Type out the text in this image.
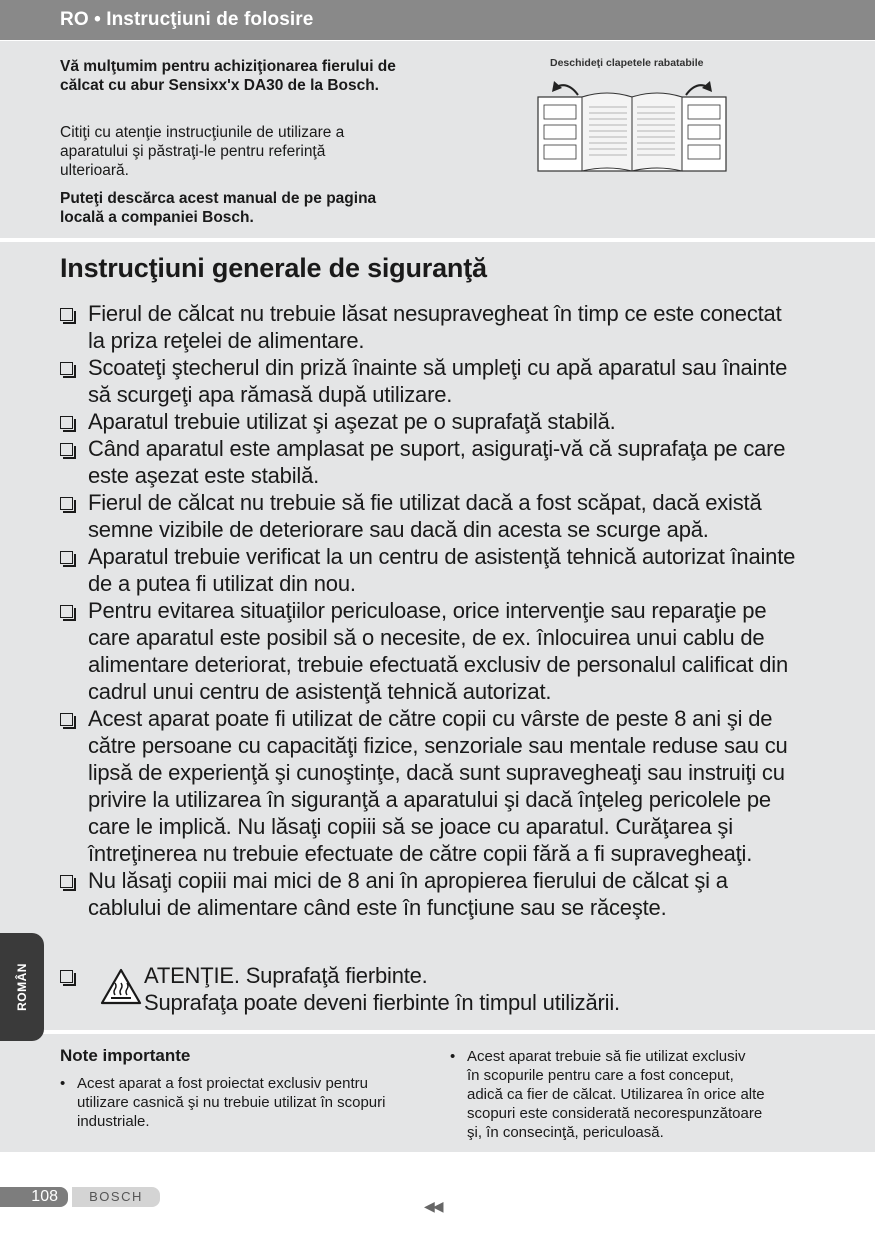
RO • Instrucţiuni de folosire
Vă mulţumim pentru achiziţionarea fierului de
călcat cu abur Sensixx'x DA30 de la Bosch.
Citiţi cu atenţie instrucţiunile de utilizare a
aparatului şi păstraţi-le pentru referinţă
ulterioară.
Puteţi descărca acest manual de pe pagina
locală a companiei Bosch.
Deschideţi clapetele rabatabile
Instrucţiuni generale de siguranţă
Fierul de călcat nu trebuie lăsat nesupravegheat în timp ce este conectat
la priza reţelei de alimentare.
Scoateţi ştecherul din priză înainte să umpleţi cu apă aparatul sau înainte
să scurgeţi apa rămasă după utilizare.
Aparatul trebuie utilizat şi aşezat pe o suprafaţă stabilă.
Când aparatul este amplasat pe suport, asiguraţi-vă că suprafaţa pe care
este aşezat este stabilă.
Fierul de călcat nu trebuie să fie utilizat dacă a fost scăpat, dacă există
semne vizibile de deteriorare sau dacă din acesta se scurge apă.
Aparatul trebuie verificat la un centru de asistenţă tehnică autorizat înainte
de a putea fi utilizat din nou.
Pentru evitarea situaţiilor periculoase, orice intervenţie sau reparaţie pe
care aparatul este posibil să o necesite, de ex. înlocuirea unui cablu de
alimentare deteriorat, trebuie efectuată exclusiv de personalul calificat din
cadrul unui centru de asistenţă tehnică autorizat.
Acest aparat poate fi utilizat de către copii cu vârste de peste 8 ani şi de
către persoane cu capacităţi fizice, senzoriale sau mentale reduse sau cu
lipsă de experienţă şi cunoştinţe, dacă sunt supravegheaţi sau instruiţi cu
privire la utilizarea în siguranţă a aparatului şi dacă înţeleg pericolele pe
care le implică. Nu lăsaţi copiii să se joace cu aparatul. Curăţarea şi
întreţinerea nu trebuie efectuate de către copii fără a fi supravegheaţi.
Nu lăsaţi copiii mai mici de 8 ani în apropierea fierului de călcat şi a
cablului de alimentare când este în funcţiune sau se răceşte.
ATENŢIE. Suprafaţă fierbinte.
Suprafaţa poate deveni fierbinte în timpul utilizării.
Note importante
• Acest aparat a fost proiectat exclusiv pentru
utilizare casnică şi nu trebuie utilizat în scopuri
industriale.
• Acest aparat trebuie să fie utilizat exclusiv
în scopurile pentru care a fost conceput,
adică ca fier de călcat. Utilizarea în orice alte
scopuri este considerată necorespunzătoare
şi, în consecinţă, periculoasă.
ROMÂN
108	BOSCH
◀◀
